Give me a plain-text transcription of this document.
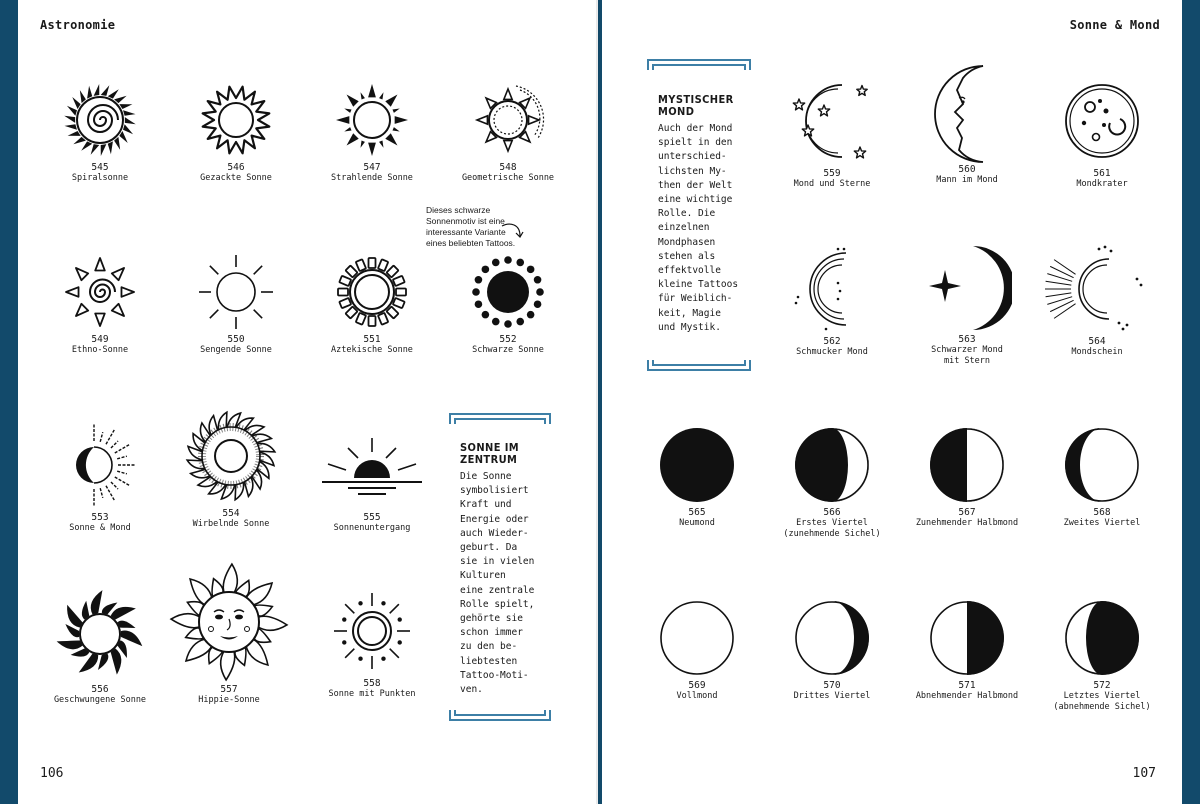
Astronomie
106
545
Spiralsonne
546
Gezackte Sonne
547
Strahlende Sonne
548
Geometrische Sonne
Dieses schwarze
Sonnenmotiv ist eine
interessante Variante
eines beliebten Tattoos.
549
Ethno-Sonne
550
Sengende Sonne
551
Aztekische Sonne
552
Schwarze Sonne
553
Sonne & Mond
554
Wirbelnde Sonne
555
Sonnenuntergang
556
Geschwungene Sonne
557
Hippie-Sonne
558
Sonne mit Punkten
SONNE IM ZENTRUM

Die Sonne
symbolisiert
Kraft und
Energie oder
auch Wieder-
geburt. Da
sie in vielen
Kulturen
eine zentrale
Rolle spielt,
gehörte sie
schon immer
zu den be-
liebtesten
Tattoo-Moti-
ven.

Sonne & Mond
107
MYSTISCHER MOND

Auch der Mond
spielt in den
unterschied-
lichsten My-
then der Welt
eine wichtige
Rolle. Die
einzelnen
Mondphasen
stehen als
effektvolle
kleine Tattoos
für Weiblich-
keit, Magie
und Mystik.

559
Mond und Sterne
560
Mann im Mond
561
Mondkrater
562
Schmucker Mond
563
Schwarzer Mond
mit Stern
564
Mondschein
565
Neumond
566
Erstes Viertel
(zunehmende Sichel)
567
Zunehmender Halbmond
568
Zweites Viertel
569
Vollmond
570
Drittes Viertel
571
Abnehmender Halbmond
572
Letztes Viertel
(abnehmende Sichel)
